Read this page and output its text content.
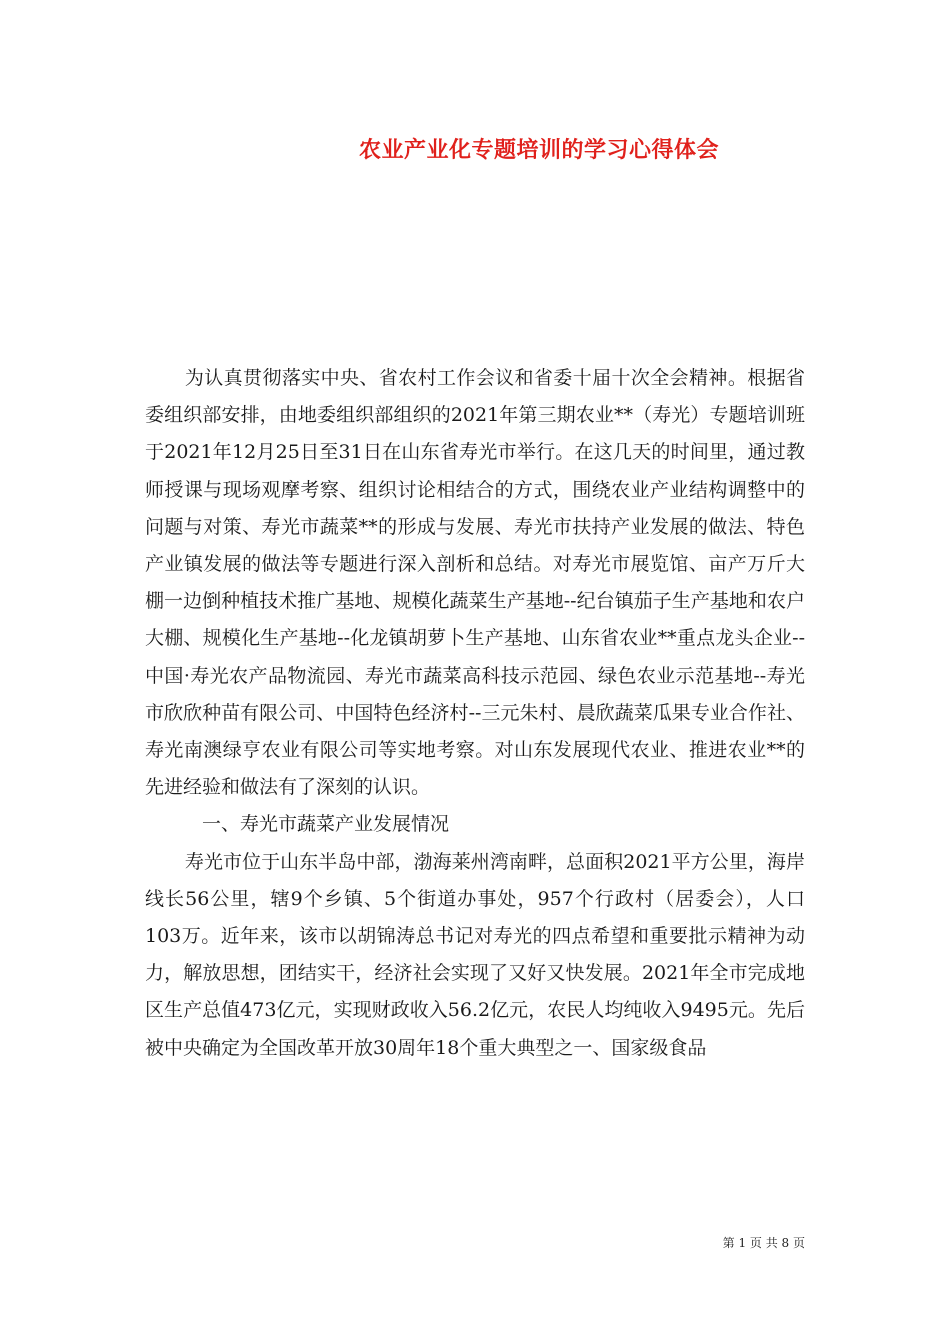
农业产业化专题培训的学习心得体会

为认真贯彻落实中央、省农村工作会议和省委十届十次全会精神。根据省委组织部安排，由地委组织部组织的2021年第三期农业**（寿光）专题培训班于2021年12月25日至31日在山东省寿光市举行。在这几天的时间里，通过教师授课与现场观摩考察、组织讨论相结合的方式，围绕农业产业结构调整中的问题与对策、寿光市蔬菜**的形成与发展、寿光市扶持产业发展的做法、特色产业镇发展的做法等专题进行深入剖析和总结。对寿光市展览馆、亩产万斤大棚一边倒种植技术推广基地、规模化蔬菜生产基地--纪台镇茄子生产基地和农户大棚、规模化生产基地--化龙镇胡萝卜生产基地、山东省农业**重点龙头企业--中国·寿光农产品物流园、寿光市蔬菜高科技示范园、绿色农业示范基地--寿光市欣欣种苗有限公司、中国特色经济村--三元朱村、晨欣蔬菜瓜果专业合作社、寿光南澳绿亨农业有限公司等实地考察。对山东发展现代农业、推进农业**的先进经验和做法有了深刻的认识。

一、寿光市蔬菜产业发展情况

寿光市位于山东半岛中部，渤海莱州湾南畔，总面积2021平方公里，海岸线长56公里，辖9个乡镇、5个街道办事处，957个行政村（居委会），人口103万。近年来，该市以胡锦涛总书记对寿光的四点希望和重要批示精神为动力，解放思想，团结实干，经济社会实现了又好又快发展。2021年全市完成地区生产总值473亿元，实现财政收入56.2亿元，农民人均纯收入9495元。先后被中央确定为全国改革开放30周年18个重大典型之一、国家级食品

第 1 页 共 8 页
